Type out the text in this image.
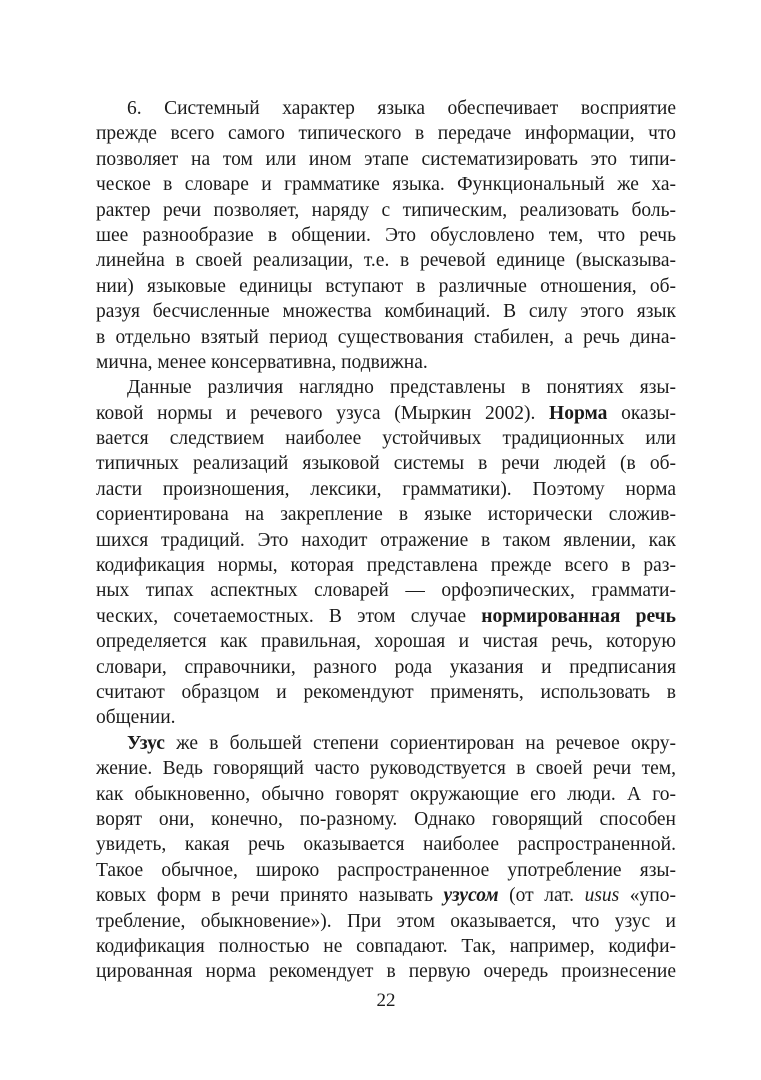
6. Системный характер языка обеспечивает восприятие
прежде всего самого типического в передаче информации, что
позволяет на том или ином этапе систематизировать это типи-
ческое в словаре и грамматике языка. Функциональный же ха-
рактер речи позволяет, наряду с типическим, реализовать боль-
шее разнообразие в общении. Это обусловлено тем, что речь
линейна в своей реализации, т.е. в речевой единице (высказыва-
нии) языковые единицы вступают в различные отношения, об-
разуя бесчисленные множества комбинаций. В силу этого язык
в отдельно взятый период существования стабилен, а речь дина-
мична, менее консервативна, подвижна.
Данные различия наглядно представлены в понятиях язы-
ковой нормы и речевого узуса (Мыркин 2002). Норма оказы-
вается следствием наиболее устойчивых традиционных или
типичных реализаций языковой системы в речи людей (в об-
ласти произношения, лексики, грамматики). Поэтому норма
сориентирована на закрепление в языке исторически сложив-
шихся традиций. Это находит отражение в таком явлении, как
кодификация нормы, которая представлена прежде всего в раз-
ных типах аспектных словарей — орфоэпических, граммати-
ческих, сочетаемостных. В этом случае нормированная речь
определяется как правильная, хорошая и чистая речь, которую
словари, справочники, разного рода указания и предписания
считают образцом и рекомендуют применять, использовать в
общении.
Узус же в большей степени сориентирован на речевое окру-
жение. Ведь говорящий часто руководствуется в своей речи тем,
как обыкновенно, обычно говорят окружающие его люди. А го-
ворят они, конечно, по-разному. Однако говорящий способен
увидеть, какая речь оказывается наиболее распространенной.
Такое обычное, широко распространенное употребление язы-
ковых форм в речи принято называть узусом (от лат. usus «упо-
требление, обыкновение»). При этом оказывается, что узус и
кодификация полностью не совпадают. Так, например, кодифи-
цированная норма рекомендует в первую очередь произнесение
22
